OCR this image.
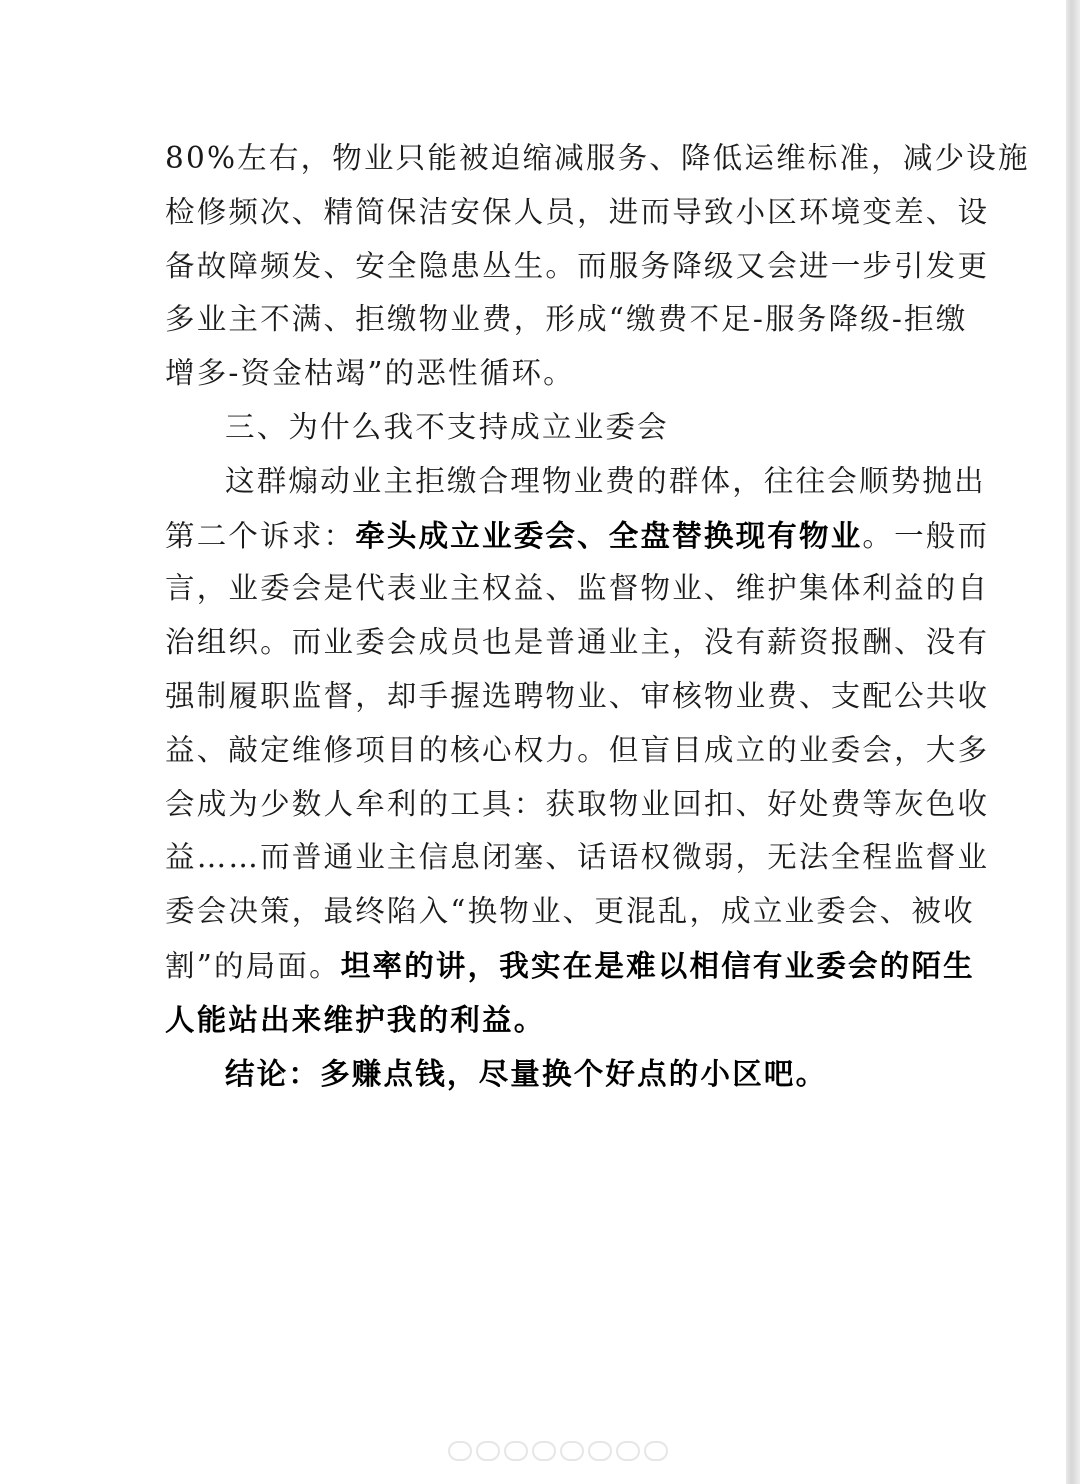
80%左右，物业只能被迫缩减服务、降低运维标准，减少设施
检修频次、精简保洁安保人员，进而导致小区环境变差、设
备故障频发、安全隐患丛生。而服务降级又会进一步引发更
多业主不满、拒缴物业费，形成“缴费不足-服务降级-拒缴
增多-资金枯竭”的恶性循环。
三、为什么我不支持成立业委会
这群煽动业主拒缴合理物业费的群体，往往会顺势抛出
第二个诉求：牵头成立业委会、全盘替换现有物业。一般而
言，业委会是代表业主权益、监督物业、维护集体利益的自
治组织。而业委会成员也是普通业主，没有薪资报酬、没有
强制履职监督，却手握选聘物业、审核物业费、支配公共收
益、敲定维修项目的核心权力。但盲目成立的业委会，大多
会成为少数人牟利的工具：获取物业回扣、好处费等灰色收
益……而普通业主信息闭塞、话语权微弱，无法全程监督业
委会决策，最终陷入“换物业、更混乱，成立业委会、被收
割”的局面。坦率的讲，我实在是难以相信有业委会的陌生
人能站出来维护我的利益。
结论：多赚点钱，尽量换个好点的小区吧。
